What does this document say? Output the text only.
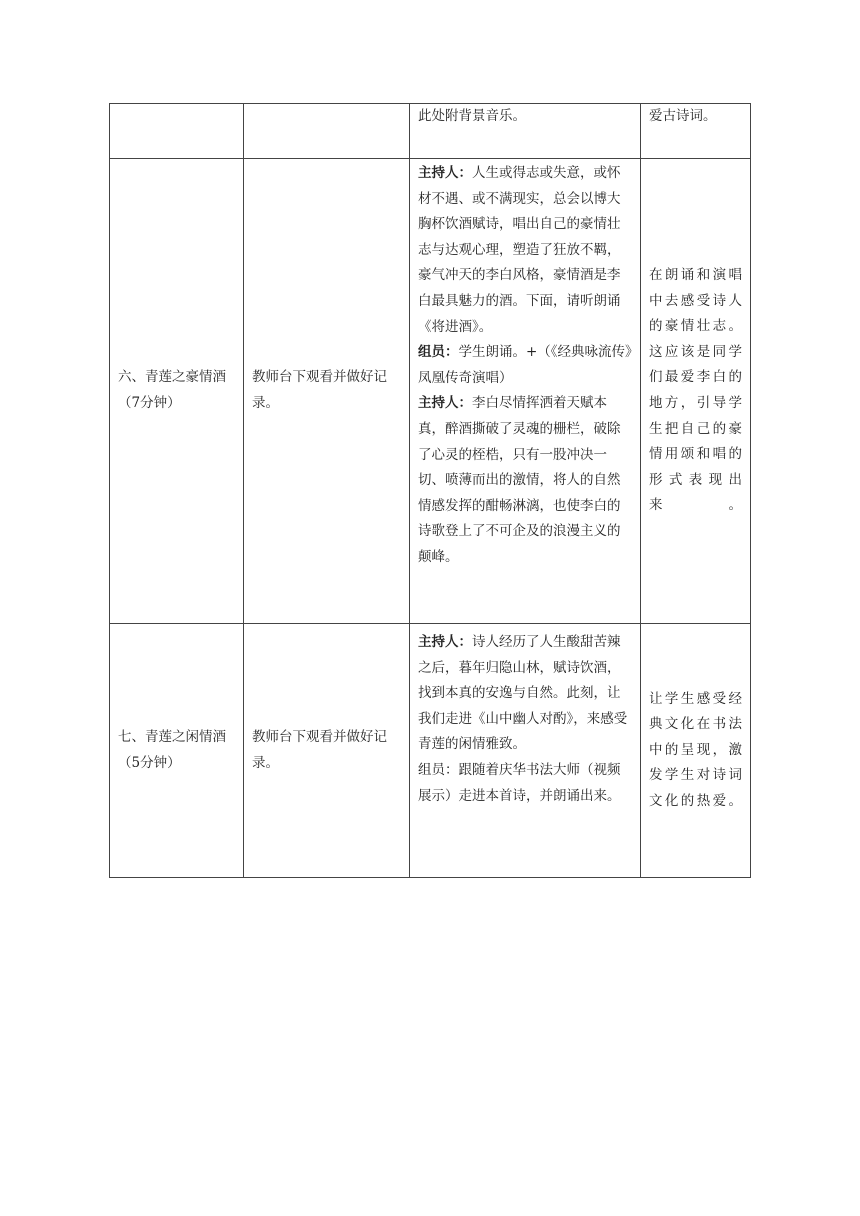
		此处附背景音乐。	爱古诗词。

六、青莲之豪情酒（7分钟）	教师台下观看并做好记录。	主持人：人生或得志或失意，或怀材不遇、或不满现实，总会以博大胸杯饮酒赋诗，唱出自己的豪情壮志与达观心理，塑造了狂放不羁，豪气冲天的李白风格，豪情酒是李白最具魅力的酒。下面，请听朗诵《将进酒》。

组员：学生朗诵。+（《经典咏流传》凤凰传奇演唱）

主持人：李白尽情挥洒着天赋本真，醉酒撕破了灵魂的栅栏，破除了心灵的桎梏，只有一股冲决一切、喷薄而出的激情，将人的自然情感发挥的酣畅淋漓，也使李白的诗歌登上了不可企及的浪漫主义的颠峰。	在朗诵和演唱中去感受诗人的豪情壮志。这应该是同学们最爱李白的地方，引导学生把自己的豪情用颂和唱的形式表现出来。

七、青莲之闲情酒（5分钟）	教师台下观看并做好记录。	主持人：诗人经历了人生酸甜苦辣之后，暮年归隐山林，赋诗饮酒，找到本真的安逸与自然。此刻，让我们走进《山中幽人对酌》，来感受青莲的闲情雅致。

组员：跟随着庆华书法大师（视频展示）走进本首诗，并朗诵出来。	让学生感受经典文化在书法中的呈现，激发学生对诗词文化的热爱。
